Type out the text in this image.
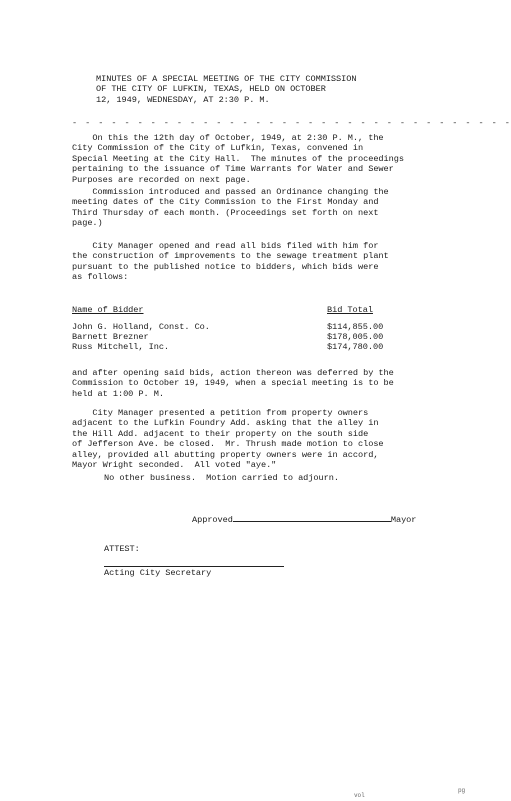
MINUTES OF A SPECIAL MEETING OF THE CITY COMMISSION
OF THE CITY OF LUFKIN, TEXAS, HELD ON OCTOBER
12, 1949, WEDNESDAY, AT 2:30 P. M.
- - - - - - - - - - - - - - - - - - - - - - - - - - - - - - - - - -
On this the 12th day of October, 1949, at 2:30 P. M., the
City Commission of the City of Lufkin, Texas, convened in
Special Meeting at the City Hall.  The minutes of the proceedings
pertaining to the issuance of Time Warrants for Water and Sewer
Purposes are recorded on next page.
Commission introduced and passed an Ordinance changing the
meeting dates of the City Commission to the First Monday and
Third Thursday of each month. (Proceedings set forth on next
page.)
City Manager opened and read all bids filed with him for
the construction of improvements to the sewage treatment plant
pursuant to the published notice to bidders, which bids were
as follows:
Name of Bidder	Bid Total
John G. Holland, Const. Co.	$114,855.00
Barnett Brezner	$178,005.00
Russ Mitchell, Inc.	$174,780.00
and after opening said bids, action thereon was deferred by the
Commission to October 19, 1949, when a special meeting is to be
held at 1:00 P. M.
City Manager presented a petition from property owners
adjacent to the Lufkin Foundry Add. asking that the alley in
the Hill Add. adjacent to their property on the south side
of Jefferson Ave. be closed.  Mr. Thrush made motion to close
alley, provided all abutting property owners were in accord,
Mayor Wright seconded.  All voted "aye."
No other business.  Motion carried to adjourn.
Approved	Mayor
ATTEST:
Acting City Secretary
vol
pg
